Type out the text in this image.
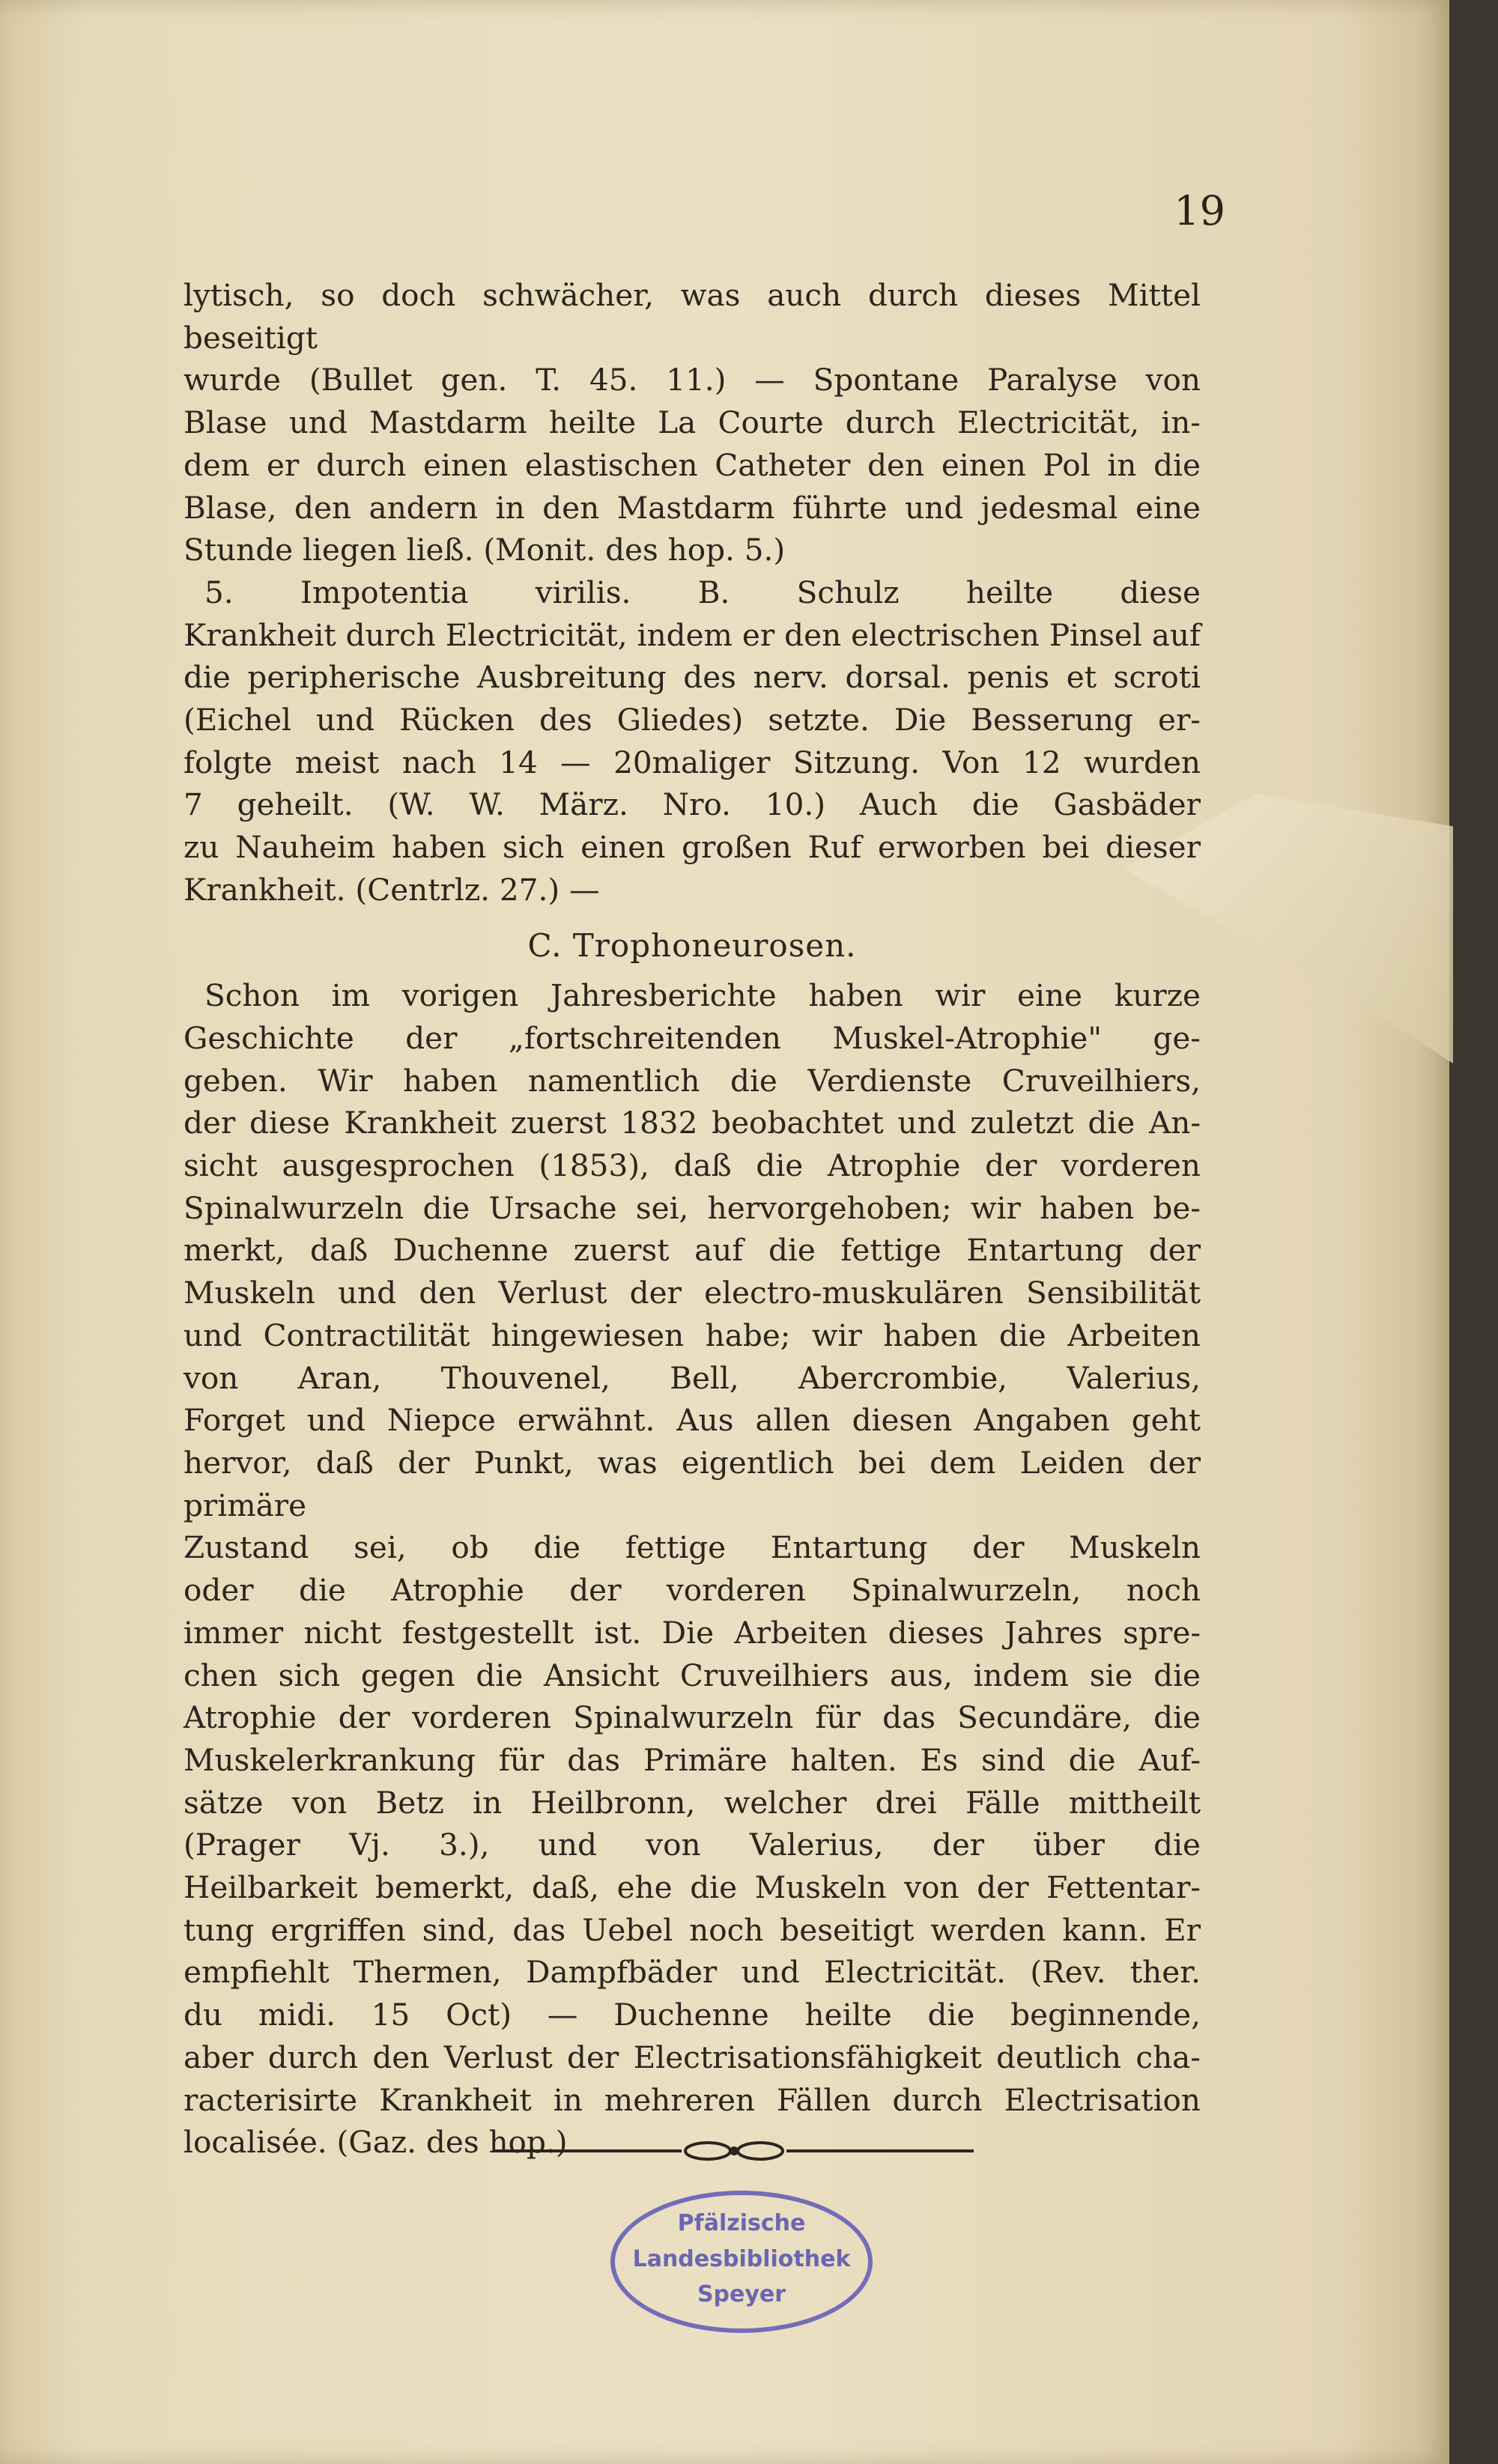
19

lytisch, so doch schwächer, was auch durch dieses Mittel beseitigt

wurde (Bullet gen. T. 45. 11.) — Spontane Paralyse von

Blase und Mastdarm heilte La Courte durch Electricität, in-

dem er durch einen elastischen Catheter den einen Pol in die

Blase, den andern in den Mastdarm führte und jedesmal eine

Stunde liegen ließ. (Monit. des hop. 5.)

5. Impotentia virilis. B. Schulz heilte diese

Krankheit durch Electricität, indem er den electrischen Pinsel auf

die peripherische Ausbreitung des nerv. dorsal. penis et scroti

(Eichel und Rücken des Gliedes) setzte. Die Besserung er-

folgte meist nach 14 — 20maliger Sitzung. Von 12 wurden

7 geheilt. (W. W. März. Nro. 10.) Auch die Gasbäder

zu Nauheim haben sich einen großen Ruf erworben bei dieser

Krankheit. (Centrlz. 27.) —

C. Trophoneurosen.

Schon im vorigen Jahresberichte haben wir eine kurze

Geschichte der „fortschreitenden Muskel-Atrophie" ge-

geben. Wir haben namentlich die Verdienste Cruveilhiers,

der diese Krankheit zuerst 1832 beobachtet und zuletzt die An-

sicht ausgesprochen (1853), daß die Atrophie der vorderen

Spinalwurzeln die Ursache sei, hervorgehoben; wir haben be-

merkt, daß Duchenne zuerst auf die fettige Entartung der

Muskeln und den Verlust der electro-muskulären Sensibilität

und Contractilität hingewiesen habe; wir haben die Arbeiten

von Aran, Thouvenel, Bell, Abercrombie, Valerius,

Forget und Niepce erwähnt. Aus allen diesen Angaben geht

hervor, daß der Punkt, was eigentlich bei dem Leiden der primäre

Zustand sei, ob die fettige Entartung der Muskeln

oder die Atrophie der vorderen Spinalwurzeln, noch

immer nicht festgestellt ist. Die Arbeiten dieses Jahres spre-

chen sich gegen die Ansicht Cruveilhiers aus, indem sie die

Atrophie der vorderen Spinalwurzeln für das Secundäre, die

Muskelerkrankung für das Primäre halten. Es sind die Auf-

sätze von Betz in Heilbronn, welcher drei Fälle mittheilt

(Prager Vj. 3.), und von Valerius, der über die

Heilbarkeit bemerkt, daß, ehe die Muskeln von der Fettentar-

tung ergriffen sind, das Uebel noch beseitigt werden kann. Er

empfiehlt Thermen, Dampfbäder und Electricität. (Rev. ther.

du midi. 15 Oct) — Duchenne heilte die beginnende,

aber durch den Verlust der Electrisationsfähigkeit deutlich cha-

racterisirte Krankheit in mehreren Fällen durch Electrisation

localisée. (Gaz. des hop.)

Pfälzische
Landesbibliothek
Speyer
